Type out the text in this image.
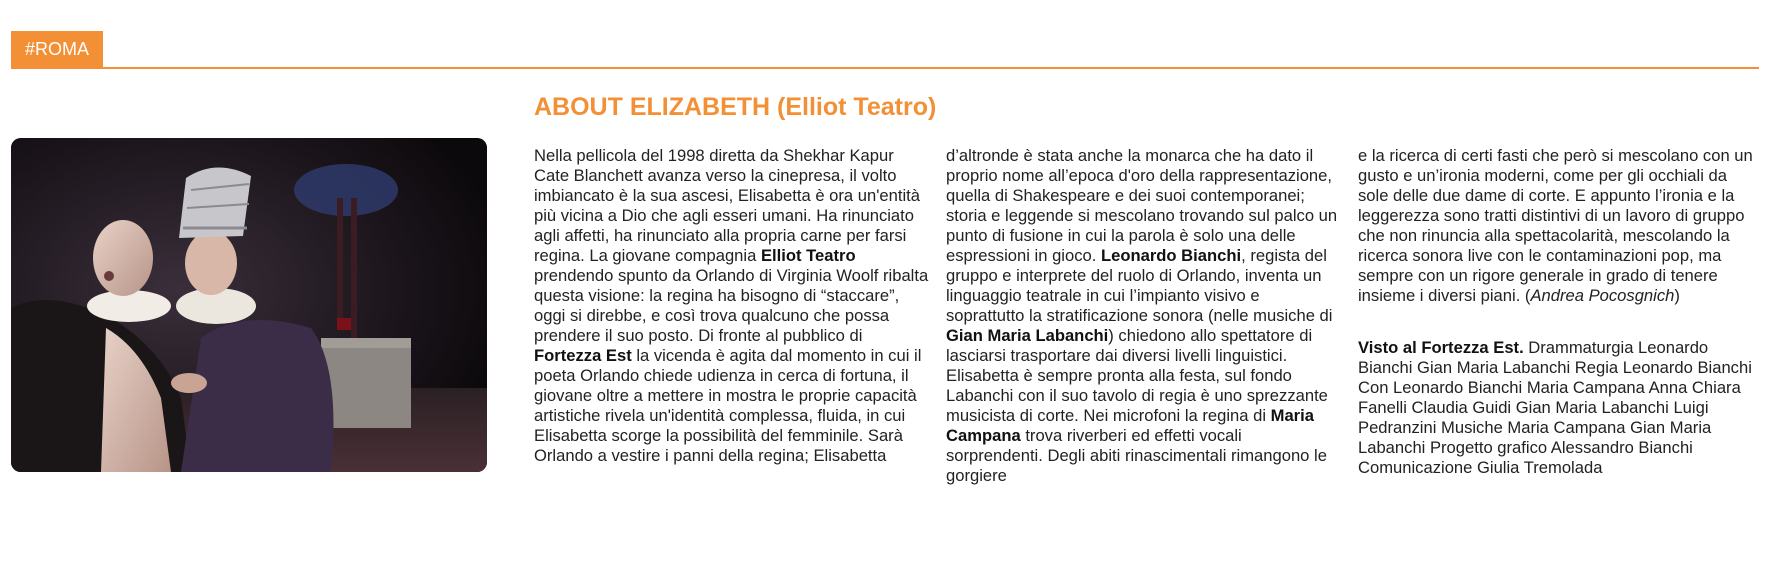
#ROMA
ABOUT ELIZABETH (Elliot Teatro)

Nella pellicola del 1998 diretta da Shekhar Kapur Cate Blanchett avanza verso la cinepresa, il volto imbiancato è la sua ascesi, Elisabetta è ora un'entità più vicina a Dio che agli esseri umani. Ha rinunciato agli affetti, ha rinunciato alla propria carne per farsi regina. La giovane compagnia Elliot Teatro prendendo spunto da Orlando di Virginia Woolf ribalta questa visione: la regina ha bisogno di “staccare”, oggi si direbbe, e così trova qualcuno che possa prendere il suo posto. Di fronte al pubblico di Fortezza Est la vicenda è agita dal momento in cui il poeta Orlando chiede udienza in cerca di fortuna, il giovane oltre a mettere in mostra le proprie capacità artistiche rivela un'identità complessa, fluida, in cui Elisabetta scorge la possibilità del femminile. Sarà Orlando a vestire i panni della regina; Elisabetta

d’altronde è stata anche la monarca che ha dato il proprio nome all’epoca d'oro della rappresentazione, quella di Shakespeare e dei suoi contemporanei; storia e leggende si mescolano trovando sul palco un punto di fusione in cui la parola è solo una delle espressioni in gioco. Leonardo Bianchi, regista del gruppo e interprete del ruolo di Orlando, inventa un linguaggio teatrale in cui l’impianto visivo e soprattutto la stratificazione sonora (nelle musiche di Gian Maria Labanchi) chiedono allo spettatore di lasciarsi trasportare dai diversi livelli linguistici. Elisabetta è sempre pronta alla festa, sul fondo Labanchi con il suo tavolo di regia è uno sprezzante musicista di corte. Nei microfoni la regina di Maria Campana trova riverberi ed effetti vocali sorprendenti. Degli abiti rinascimentali rimangono le gorgiere

e la ricerca di certi fasti che però si mescolano con un gusto e un’ironia moderni, come per gli occhiali da sole delle due dame di corte. E appunto l’ironia e la leggerezza sono tratti distintivi di un lavoro di gruppo che non rinuncia alla spettacolarità, mescolando la ricerca sonora live con le contaminazioni pop, ma sempre con un rigore generale in grado di tenere insieme i diversi piani. (Andrea Pocosgnich)

Visto al Fortezza Est. Drammaturgia Leonardo Bianchi Gian Maria Labanchi Regia Leonardo Bianchi Con Leonardo Bianchi Maria Campana Anna Chiara Fanelli Claudia Guidi Gian Maria Labanchi Luigi Pedranzini Musiche Maria Campana Gian Maria Labanchi Progetto grafico Alessandro Bianchi Comunicazione Giulia Tremolada
